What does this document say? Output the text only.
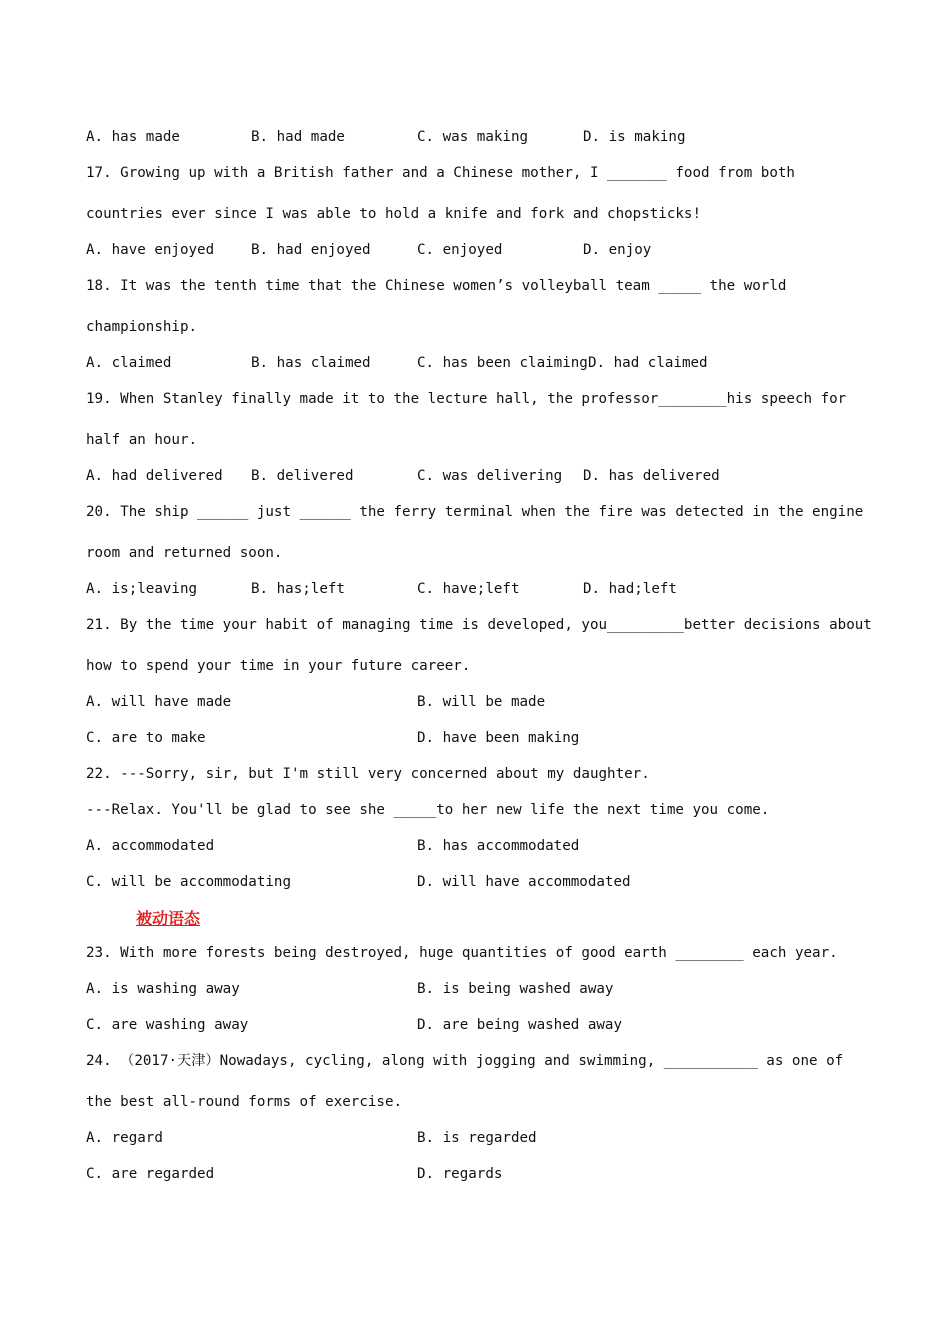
A. has made	B. had made	C. was making	D. is making
17. Growing up with a British father and a Chinese mother, I _______ food from both
countries ever since I was able to hold a knife and fork and chopsticks!
A. have enjoyed	B. had enjoyed	C. enjoyed	D. enjoy
18. It was the tenth time that the Chinese women’s volleyball team _____ the world
championship.
A. claimed	B. has claimed	C. has been claiming D. had claimed
19. When Stanley finally made it to the lecture hall, the professor________his speech for
half an hour.
A. had delivered B. delivered	C. was delivering D. has delivered
20. The ship ______ just ______ the ferry terminal when the fire was detected in the engine
room and returned soon.
A. is;leaving	B. has;left	C. have;left	D. had;left
21. By the time your habit of managing time is developed, you_________better decisions about
how to spend your time in your future career.
A. will have made	B. will be made
C. are to make	D. have been making
22. ---Sorry, sir, but I'm still very concerned about my daughter.
---Relax. You'll be glad to see she _____to her new life the next time you come.
A. accommodated	B. has accommodated
C. will be accommodating	D. will have accommodated
被动语态
23. With more forests being destroyed, huge quantities of good earth ________ each year.
A. is washing away	B. is being washed away
C. are washing away	D. are being washed away
24. （2017·天津）Nowadays, cycling, along with jogging and swimming, ___________ as one of
the best all-round forms of exercise.
A. regard	B. is regarded
C. are regarded	D. regards
